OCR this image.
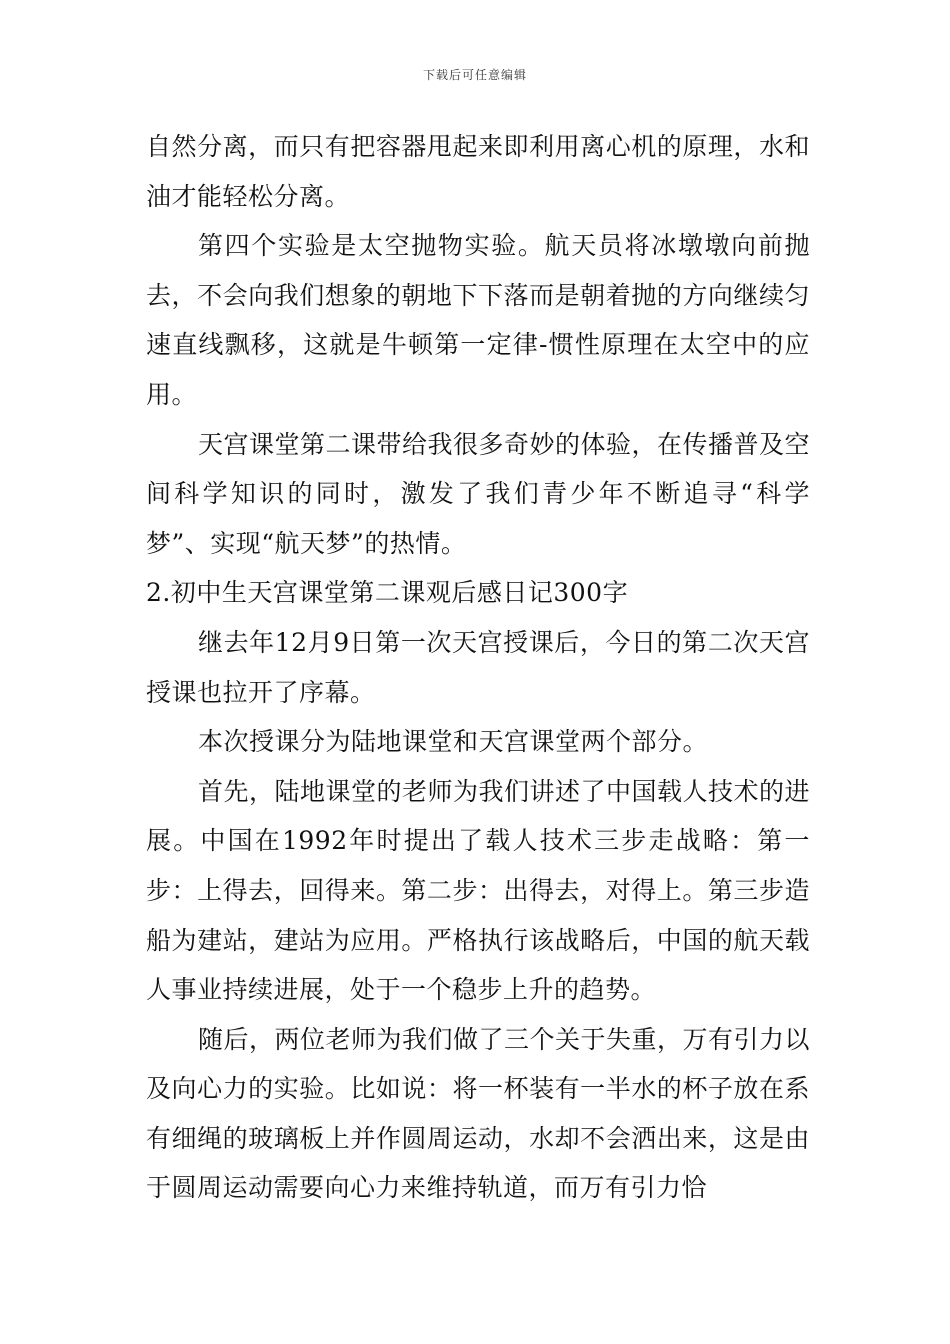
下载后可任意编辑

自然分离，而只有把容器甩起来即利用离心机的原理，水和油才能轻松分离。

第四个实验是太空抛物实验。航天员将冰墩墩向前抛去，不会向我们想象的朝地下下落而是朝着抛的方向继续匀速直线飘移，这就是牛顿第一定律-惯性原理在太空中的应用。

天宫课堂第二课带给我很多奇妙的体验，在传播普及空间科学知识的同时，激发了我们青少年不断追寻“科学梦”、实现“航天梦”的热情。

2.初中生天宫课堂第二课观后感日记300字

继去年12月9日第一次天宫授课后，今日的第二次天宫授课也拉开了序幕。

本次授课分为陆地课堂和天宫课堂两个部分。

首先，陆地课堂的老师为我们讲述了中国载人技术的进展。中国在1992年时提出了载人技术三步走战略：第一步：上得去，回得来。第二步：出得去，对得上。第三步造船为建站，建站为应用。严格执行该战略后，中国的航天载人事业持续进展，处于一个稳步上升的趋势。

随后，两位老师为我们做了三个关于失重，万有引力以及向心力的实验。比如说：将一杯装有一半水的杯子放在系有细绳的玻璃板上并作圆周运动，水却不会洒出来，这是由于圆周运动需要向心力来维持轨道，而万有引力恰
